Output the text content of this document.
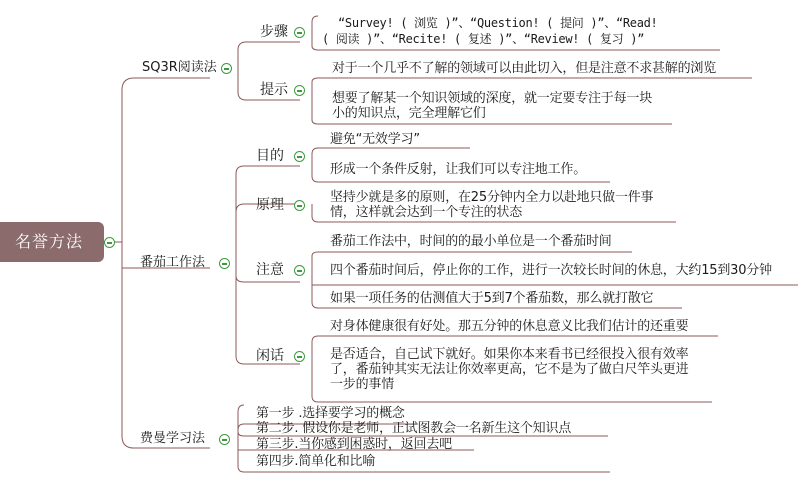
名誉方法
SQ3R阅读法
步骤
“Survey! ( 浏览 )”、“Question! ( 提问 )”、“Read!
( 阅读 )”、“Recite! ( 复述 )”、“Review! ( 复习 )”
提示
对于一个几乎不了解的领域可以由此切入，但是注意不求甚解的浏览
想要了解某一个知识领域的深度，就一定要专注于每一块
小的知识点，完全理解它们
番茄工作法
目的
避免“无效学习”
形成一个条件反射，让我们可以专注地工作。
原理	坚持少就是多的原则，在25分钟内全力以赴地只做一件事
情，这样就会达到一个专注的状态
注意
番茄工作法中，时间的的最小单位是一个番茄时间
四个番茄时间后，停止你的工作，进行一次较长时间的休息，大约15到30分钟
如果一项任务的估测值大于5到7个番茄数，那么就打散它
闲话
对身体健康很有好处。那五分钟的休息意义比我们估计的还重要
是否适合，自己试下就好。如果你本来看书已经很投入很有效率
了，番茄钟其实无法让你效率更高，它不是为了做白尺竿头更进
一步的事情
费曼学习法
第一步 .选择要学习的概念
第二步. 假设你是老师，正试图教会一名新生这个知识点
第三步.当你感到困惑时，返回去吧
第四步.简单化和比喻
